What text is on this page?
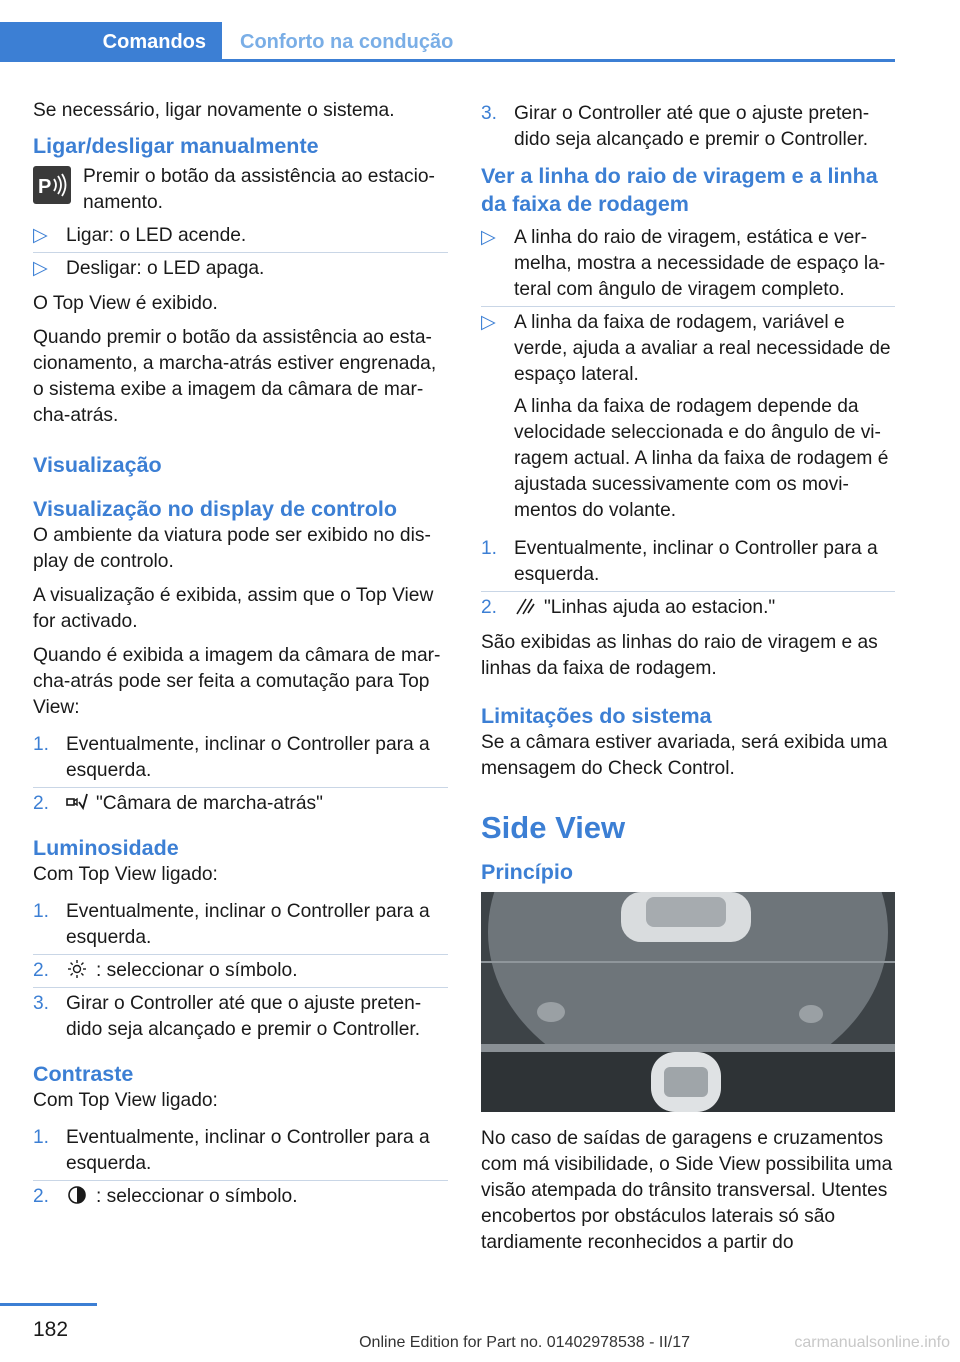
Comandos	Conforto na condução

Se necessário, ligar novamente o sistema.

Ligar/desligar manualmente
P Premir o botão da assistência ao estacio-namento.
▷ Ligar: o LED acende.
▷ Desligar: o LED apaga.

O Top View é exibido.

Quando premir o botão da assistência ao esta-cionamento, a marcha-atrás estiver engrenada, o sistema exibe a imagem da câmara de mar-cha-atrás.

Visualização
Visualização no display de controlo

O ambiente da viatura pode ser exibido no dis-play de controlo.

A visualização é exibida, assim que o Top View for activado.

Quando é exibida a imagem da câmara de mar-cha-atrás pode ser feita a comutação para Top View:

1. Eventualmente, inclinar o Controller para a esquerda.
2. "Câmara de marcha-atrás"
Luminosidade

Com Top View ligado:

1. Eventualmente, inclinar o Controller para a esquerda.
2. : seleccionar o símbolo.
3. Girar o Controller até que o ajuste preten-dido seja alcançado e premir o Controller.
Contraste

Com Top View ligado:

1. Eventualmente, inclinar o Controller para a esquerda.
2. : seleccionar o símbolo.
3. Girar o Controller até que o ajuste preten-dido seja alcançado e premir o Controller.
Ver a linha do raio de viragem e a linha da faixa de rodagem
▷ A linha do raio de viragem, estática e ver-melha, mostra a necessidade de espaço la-teral com ângulo de viragem completo.

▷ A linha da faixa de rodagem, variável e verde, ajuda a avaliar a real necessidade de espaço lateral.

A linha da faixa de rodagem depende da velocidade seleccionada e do ângulo de vi-ragem actual. A linha da faixa de rodagem é ajustada sucessivamente com os movi-mentos do volante.

1. Eventualmente, inclinar o Controller para a esquerda.
2. "Linhas ajuda ao estacion."

São exibidas as linhas do raio de viragem e as linhas da faixa de rodagem.

Limitações do sistema

Se a câmara estiver avariada, será exibida uma mensagem do Check Control.

Side View
Princípio

No caso de saídas de garagens e cruzamentos com má visibilidade, o Side View possibilita uma visão atempada do trânsito transversal. Utentes encobertos por obstáculos laterais só são tardiamente reconhecidos a partir do

182
Online Edition for Part no. 01402978538 - II/17	carmanualsonline.info
